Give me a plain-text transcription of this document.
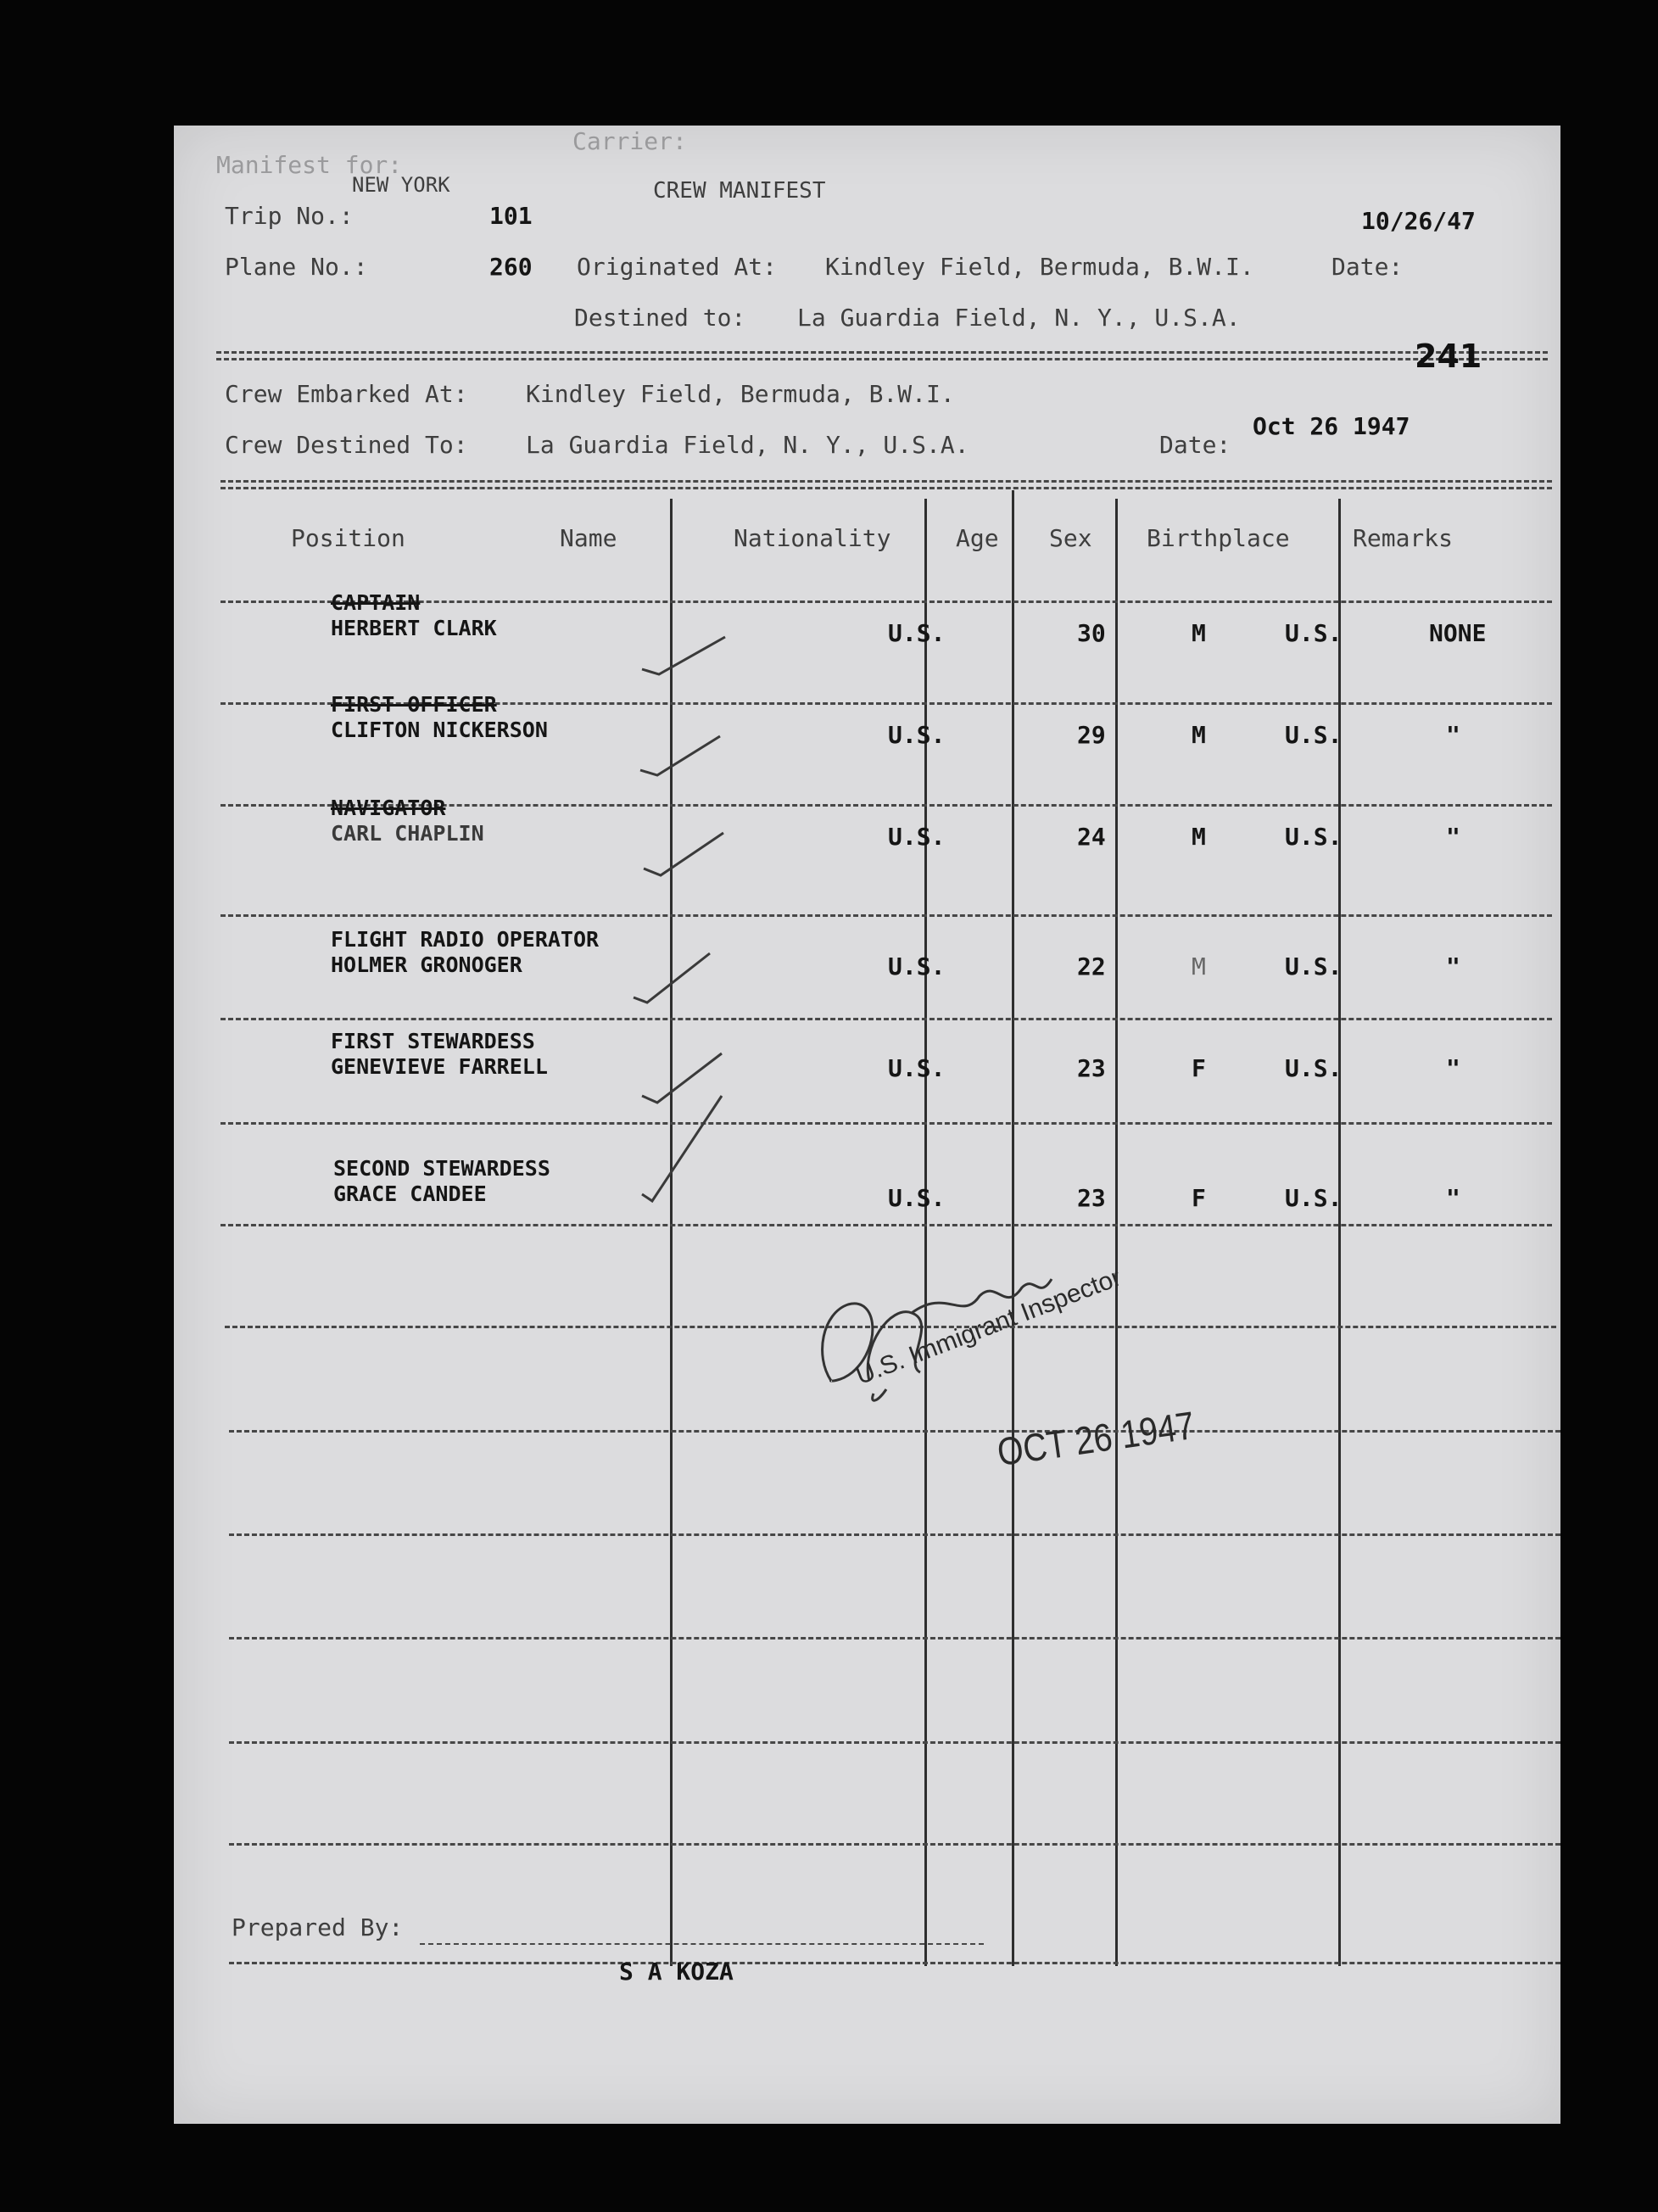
Carrier:
Manifest for:
NEW YORK	CREW MANIFEST
Trip No.:	101	10/26/47
Plane No.:	260 Originated At: Kindley Field, Bermuda, B.W.I.	Date:
Destined to: La Guardia Field, N. Y., U.S.A.
241
Crew Embarked At: Kindley Field, Bermuda, B.W.I.
Crew Destined To: La Guardia Field, N. Y., U.S.A.	Date:
Oct 26 1947
Position	Name	Nationality	Age Sex Birthplace	Remarks
CAPTAIN
HERBERT CLARK	U.S.	30	M	U.S.	NONE
FIRST OFFICER
CLIFTON NICKERSON	U.S.	29	M	U.S.	"
NAVIGATOR
CARL CHAPLIN	U.S.	24	M	U.S.	"
FLIGHT RADIO OPERATOR
HOLMER GRONOGER	U.S.	22	M	U.S.	"
FIRST STEWARDESS
GENEVIEVE FARRELL	U.S.	23	F	U.S.	"
SECOND STEWARDESS
GRACE CANDEE	U.S.	23	F	U.S.	"

U.S. Immigrant Inspector

OCT 26 1947

Prepared By:
S A KOZA
